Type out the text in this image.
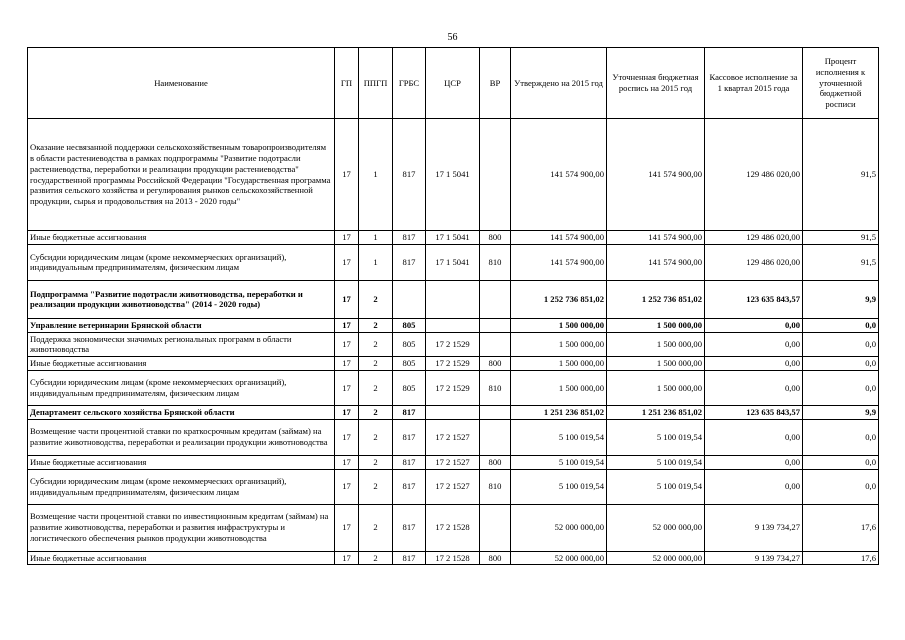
56
Наименование	ГП	ППГП	ГРБС	ЦСР	ВР	Утверждено на 2015 год	Уточненная бюджетная роспись на 2015 год	Кассовое исполнение за 1 квартал 2015 года	Процент исполнения к уточненной бюджетной росписи
Оказание несвязанной поддержки сельскохозяйственным товаропроизводителям в области растениеводства в рамках подпрограммы "Развитие подотрасли растениеводства, переработки и реализации продукции растениеводства" государственной программы Российской Федерации "Государственная программа развития сельского хозяйства и регулирования рынков сельскохозяйственной продукции, сырья и продовольствия на 2013 - 2020 годы"	17	1	817	17 1 5041		141 574 900,00	141 574 900,00	129 486 020,00	91,5
Иные бюджетные ассигнования	17	1	817	17 1 5041	800	141 574 900,00	141 574 900,00	129 486 020,00	91,5
Субсидии юридическим лицам (кроме некоммерческих организаций), индивидуальным предпринимателям, физическим лицам	17	1	817	17 1 5041	810	141 574 900,00	141 574 900,00	129 486 020,00	91,5
Подпрограмма "Развитие подотрасли животноводства, переработки и реализации продукции животноводства" (2014 - 2020 годы)	17	2				1 252 736 851,02	1 252 736 851,02	123 635 843,57	9,9
Управление ветеринарии Брянской области	17	2	805			1 500 000,00	1 500 000,00	0,00	0,0
Поддержка экономически значимых региональных программ в области животноводства	17	2	805	17 2 1529		1 500 000,00	1 500 000,00	0,00	0,0
Иные бюджетные ассигнования	17	2	805	17 2 1529	800	1 500 000,00	1 500 000,00	0,00	0,0
Субсидии юридическим лицам (кроме некоммерческих организаций), индивидуальным предпринимателям, физическим лицам	17	2	805	17 2 1529	810	1 500 000,00	1 500 000,00	0,00	0,0
Департамент сельского хозяйства Брянской области	17	2	817			1 251 236 851,02	1 251 236 851,02	123 635 843,57	9,9
Возмещение части процентной ставки по краткосрочным кредитам (займам) на развитие животноводства, переработки и реализации продукции животноводства	17	2	817	17 2 1527		5 100 019,54	5 100 019,54	0,00	0,0
Иные бюджетные ассигнования	17	2	817	17 2 1527	800	5 100 019,54	5 100 019,54	0,00	0,0
Субсидии юридическим лицам (кроме некоммерческих организаций), индивидуальным предпринимателям, физическим лицам	17	2	817	17 2 1527	810	5 100 019,54	5 100 019,54	0,00	0,0
Возмещение части процентной ставки по инвестиционным кредитам (займам) на развитие животноводства, переработки и развития инфраструктуры и логистического обеспечения рынков продукции животноводства	17	2	817	17 2 1528		52 000 000,00	52 000 000,00	9 139 734,27	17,6
Иные бюджетные ассигнования	17	2	817	17 2 1528	800	52 000 000,00	52 000 000,00	9 139 734,27	17,6
